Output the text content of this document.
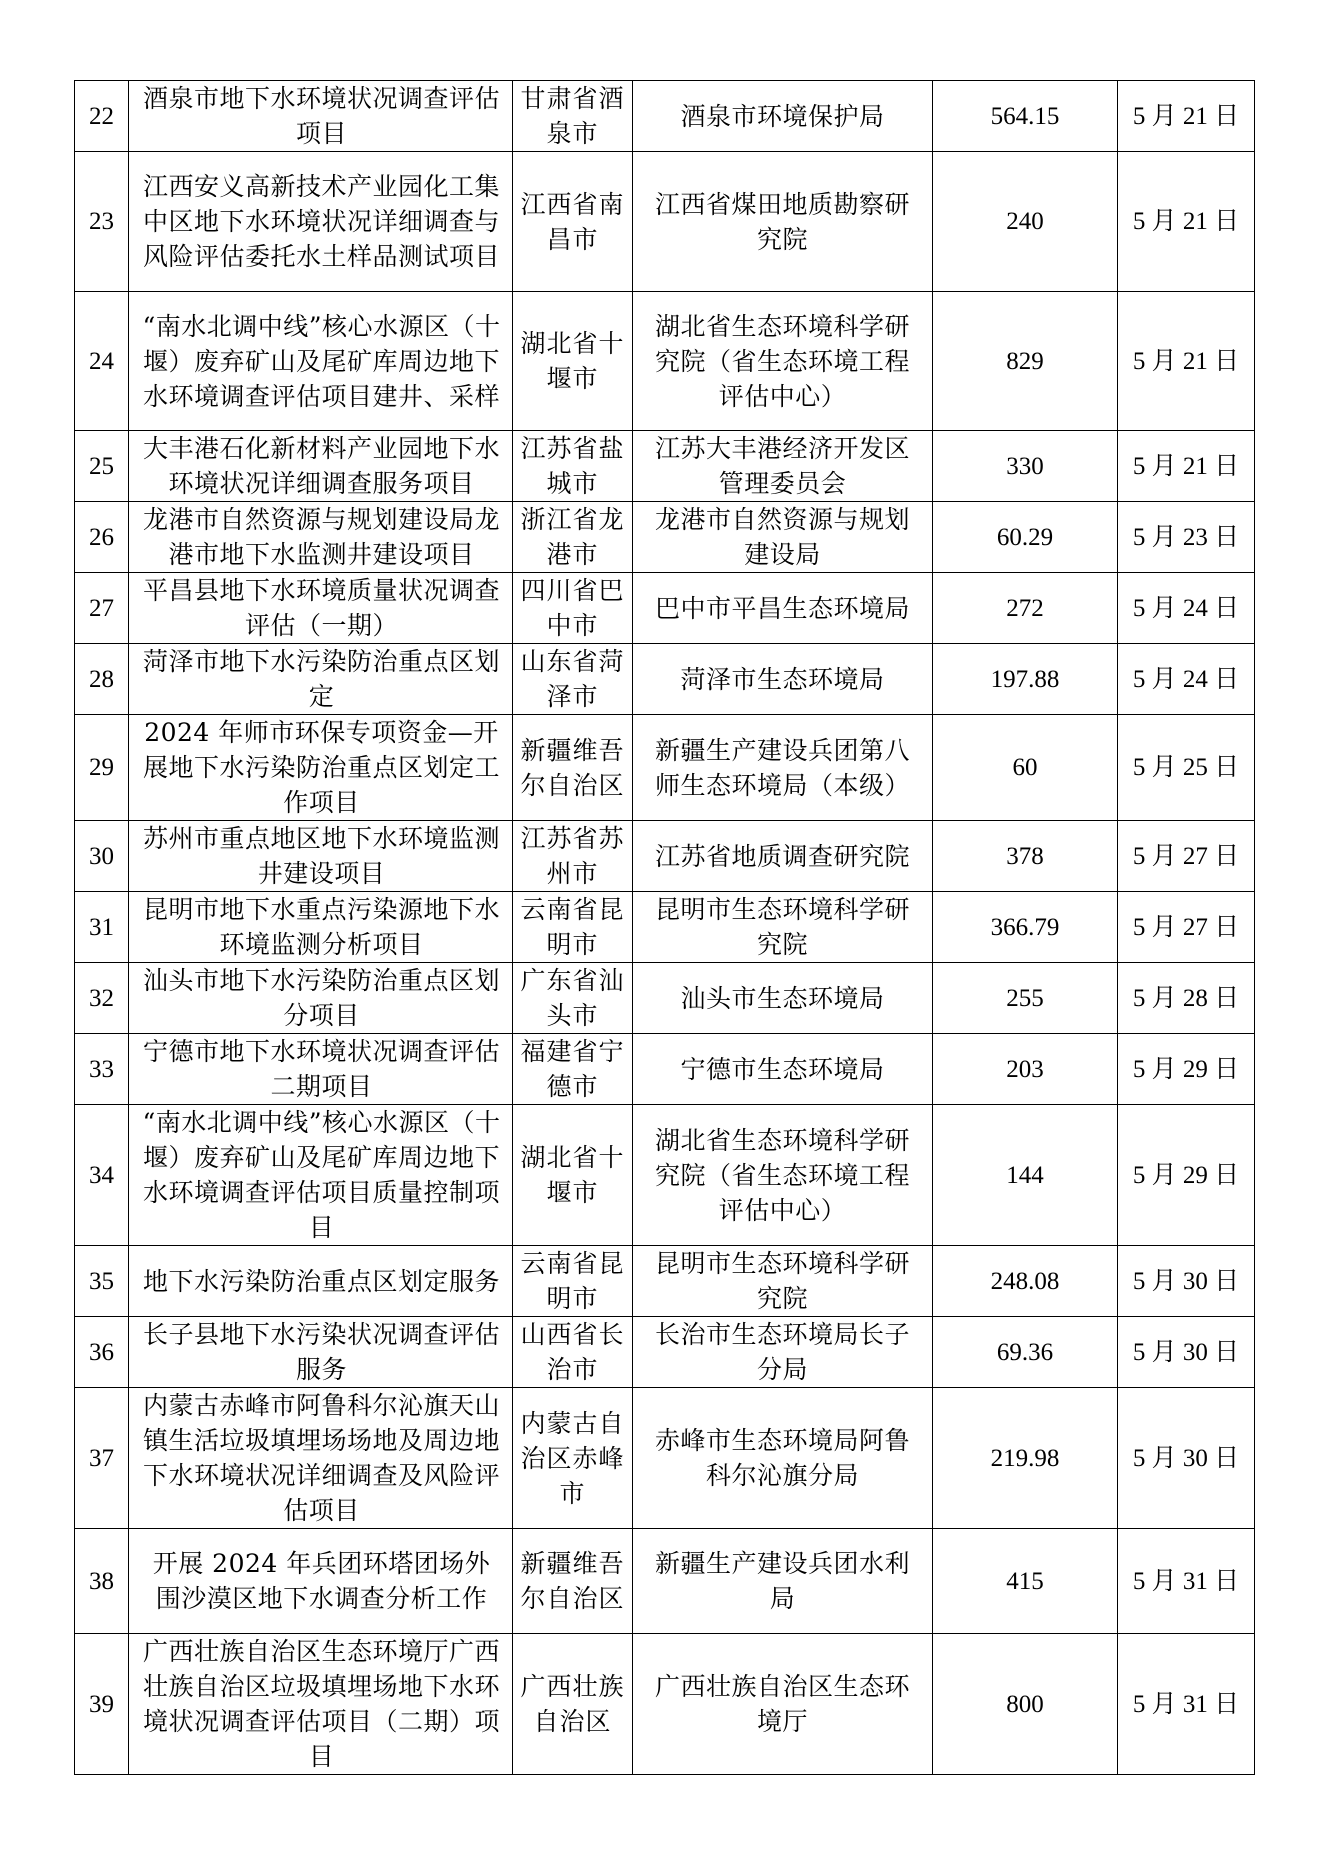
22	酒泉市地下水环境状况调查评估项目	甘肃省酒泉市	酒泉市环境保护局	564.15	5 月 21 日
23	江西安义高新技术产业园化工集中区地下水环境状况详细调查与风险评估委托水土样品测试项目	江西省南昌市	江西省煤田地质勘察研究院	240	5 月 21 日
24	“南水北调中线”核心水源区（十堰）废弃矿山及尾矿库周边地下水环境调查评估项目建井、采样	湖北省十堰市	湖北省生态环境科学研究院（省生态环境工程评估中心）	829	5 月 21 日
25	大丰港石化新材料产业园地下水环境状况详细调查服务项目	江苏省盐城市	江苏大丰港经济开发区管理委员会	330	5 月 21 日
26	龙港市自然资源与规划建设局龙港市地下水监测井建设项目	浙江省龙港市	龙港市自然资源与规划建设局	60.29	5 月 23 日
27	平昌县地下水环境质量状况调查评估（一期）	四川省巴中市	巴中市平昌生态环境局	272	5 月 24 日
28	菏泽市地下水污染防治重点区划定	山东省菏泽市	菏泽市生态环境局	197.88	5 月 24 日
29	2024 年师市环保专项资金—开展地下水污染防治重点区划定工作项目	新疆维吾尔自治区	新疆生产建设兵团第八师生态环境局（本级）	60	5 月 25 日
30	苏州市重点地区地下水环境监测井建设项目	江苏省苏州市	江苏省地质调查研究院	378	5 月 27 日
31	昆明市地下水重点污染源地下水环境监测分析项目	云南省昆明市	昆明市生态环境科学研究院	366.79	5 月 27 日
32	汕头市地下水污染防治重点区划分项目	广东省汕头市	汕头市生态环境局	255	5 月 28 日
33	宁德市地下水环境状况调查评估二期项目	福建省宁德市	宁德市生态环境局	203	5 月 29 日
34	“南水北调中线”核心水源区（十堰）废弃矿山及尾矿库周边地下水环境调查评估项目质量控制项目	湖北省十堰市	湖北省生态环境科学研究院（省生态环境工程评估中心）	144	5 月 29 日
35	地下水污染防治重点区划定服务	云南省昆明市	昆明市生态环境科学研究院	248.08	5 月 30 日
36	长子县地下水污染状况调查评估服务	山西省长治市	长治市生态环境局长子分局	69.36	5 月 30 日
37	内蒙古赤峰市阿鲁科尔沁旗天山镇生活垃圾填埋场场地及周边地下水环境状况详细调查及风险评估项目	内蒙古自治区赤峰市	赤峰市生态环境局阿鲁科尔沁旗分局	219.98	5 月 30 日
38	开展 2024 年兵团环塔团场外围沙漠区地下水调查分析工作	新疆维吾尔自治区	新疆生产建设兵团水利局	415	5 月 31 日
39	广西壮族自治区生态环境厅广西壮族自治区垃圾填埋场地下水环境状况调查评估项目（二期）项目	广西壮族自治区	广西壮族自治区生态环境厅	800	5 月 31 日
